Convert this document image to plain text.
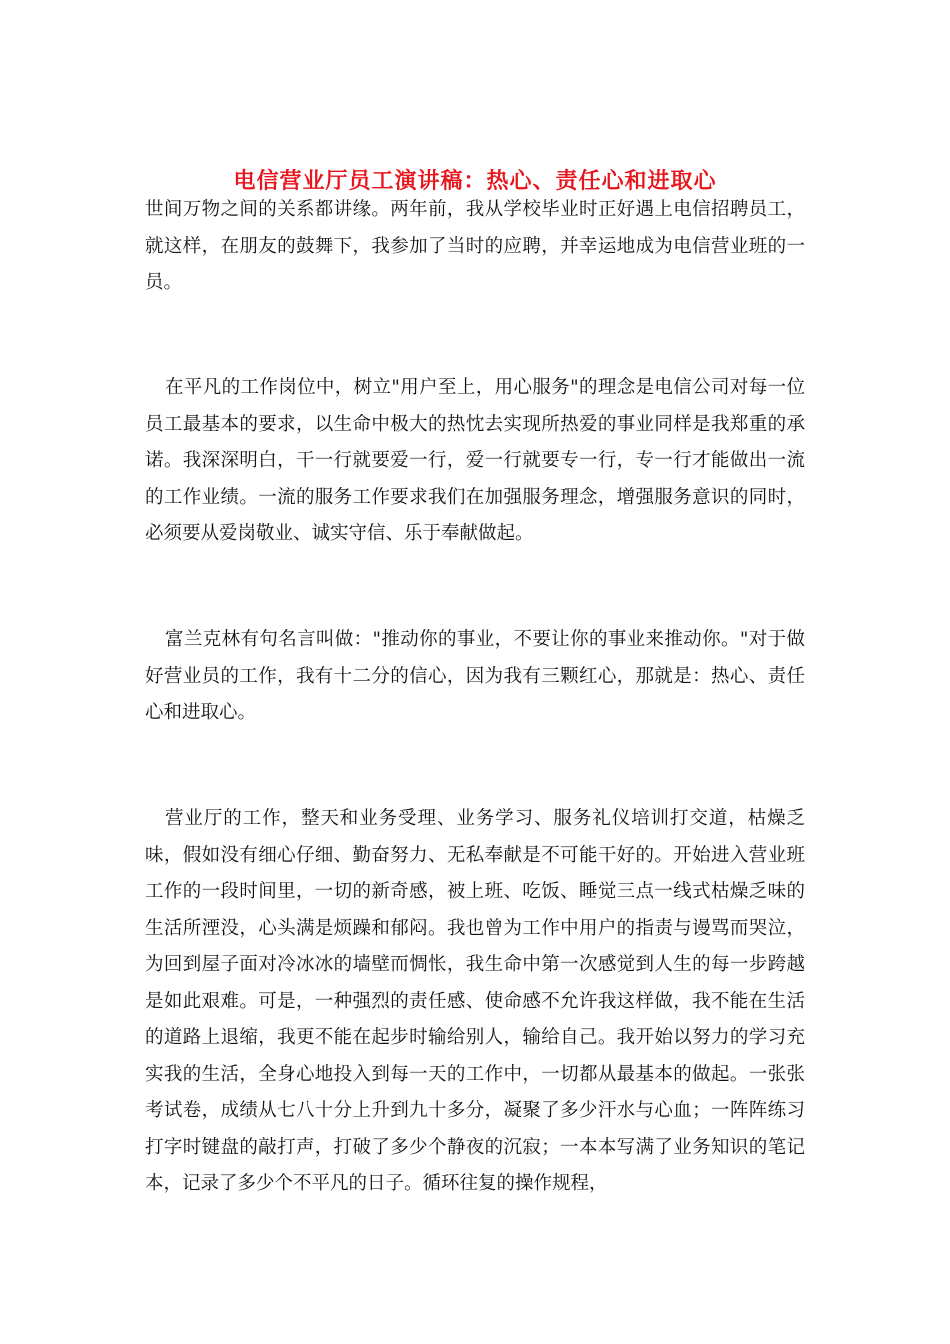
电信营业厅员工演讲稿：热心、责任心和进取心

世间万物之间的关系都讲缘。两年前，我从学校毕业时正好遇上电信招聘员工，就这样，在朋友的鼓舞下，我参加了当时的应聘，并幸运地成为电信营业班的一员。

在平凡的工作岗位中，树立"用户至上，用心服务"的理念是电信公司对每一位员工最基本的要求，以生命中极大的热忱去实现所热爱的事业同样是我郑重的承诺。我深深明白，干一行就要爱一行，爱一行就要专一行，专一行才能做出一流的工作业绩。一流的服务工作要求我们在加强服务理念，增强服务意识的同时，必须要从爱岗敬业、诚实守信、乐于奉献做起。

富兰克林有句名言叫做："推动你的事业，不要让你的事业来推动你。"对于做好营业员的工作，我有十二分的信心，因为我有三颗红心，那就是：热心、责任心和进取心。

营业厅的工作，整天和业务受理、业务学习、服务礼仪培训打交道，枯燥乏味，假如没有细心仔细、勤奋努力、无私奉献是不可能干好的。开始进入营业班工作的一段时间里，一切的新奇感，被上班、吃饭、睡觉三点一线式枯燥乏味的生活所湮没，心头满是烦躁和郁闷。我也曾为工作中用户的指责与谩骂而哭泣，为回到屋子面对冷冰冰的墙壁而惆怅，我生命中第一次感觉到人生的每一步跨越是如此艰难。可是，一种强烈的责任感、使命感不允许我这样做，我不能在生活的道路上退缩，我更不能在起步时输给别人，输给自己。我开始以努力的学习充实我的生活，全身心地投入到每一天的工作中，一切都从最基本的做起。一张张考试卷，成绩从七八十分上升到九十多分，凝聚了多少汗水与心血；一阵阵练习打字时键盘的敲打声，打破了多少个静夜的沉寂；一本本写满了业务知识的笔记本，记录了多少个不平凡的日子。循环往复的操作规程，
